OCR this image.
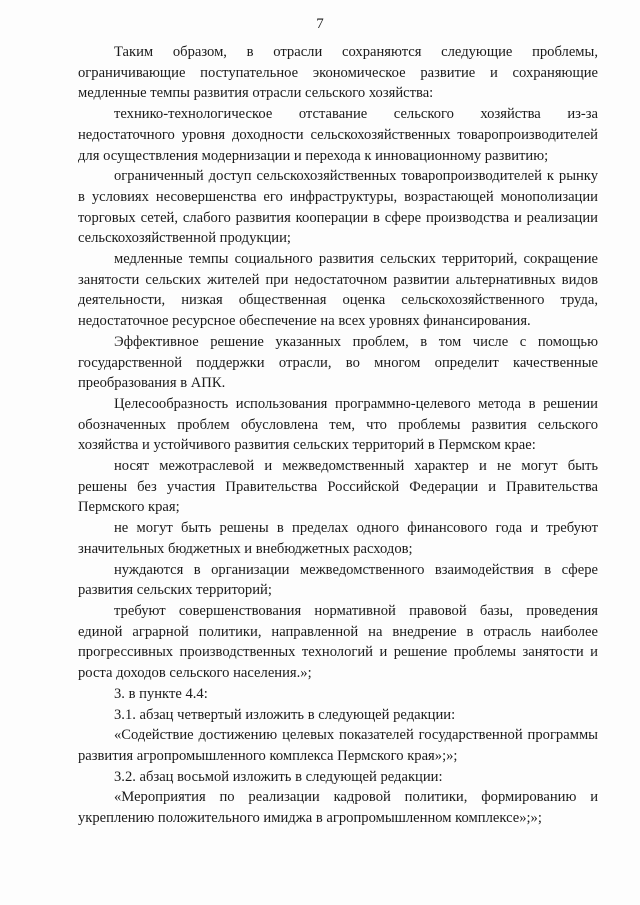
7

Таким образом, в отрасли сохраняются следующие проблемы, ограничивающие поступательное экономическое развитие и сохраняющие медленные темпы развития отрасли сельского хозяйства:

технико-технологическое отставание сельского хозяйства из-за недостаточного уровня доходности сельскохозяйственных товаропроизводителей для осуществления модернизации и перехода к инновационному развитию;

ограниченный доступ сельскохозяйственных товаропроизводителей к рынку в условиях несовершенства его инфраструктуры, возрастающей монополизации торговых сетей, слабого развития кооперации в сфере производства и реализации сельскохозяйственной продукции;

медленные темпы социального развития сельских территорий, сокращение занятости сельских жителей при недостаточном развитии альтернативных видов деятельности, низкая общественная оценка сельскохозяйственного труда, недостаточное ресурсное обеспечение на всех уровнях финансирования.

Эффективное решение указанных проблем, в том числе с помощью государственной поддержки отрасли, во многом определит качественные преобразования в АПК.

Целесообразность использования программно-целевого метода в решении обозначенных проблем обусловлена тем, что проблемы развития сельского хозяйства и устойчивого развития сельских территорий в Пермском крае:

носят межотраслевой и межведомственный характер и не могут быть решены без участия Правительства Российской Федерации и Правительства Пермского края;

не могут быть решены в пределах одного финансового года и требуют значительных бюджетных и внебюджетных расходов;

нуждаются в организации межведомственного взаимодействия в сфере развития сельских территорий;

требуют совершенствования нормативной правовой базы, проведения единой аграрной политики, направленной на внедрение в отрасль наиболее прогрессивных производственных технологий и решение проблемы занятости и роста доходов сельского населения.»;

3. в пункте 4.4:

3.1. абзац четвертый изложить в следующей редакции:

«Содействие достижению целевых показателей государственной программы развития агропромышленного комплекса Пермского края»;»;

3.2. абзац восьмой изложить в следующей редакции:

«Мероприятия по реализации кадровой политики, формированию и укреплению положительного имиджа в агропромышленном комплексе»;»;
